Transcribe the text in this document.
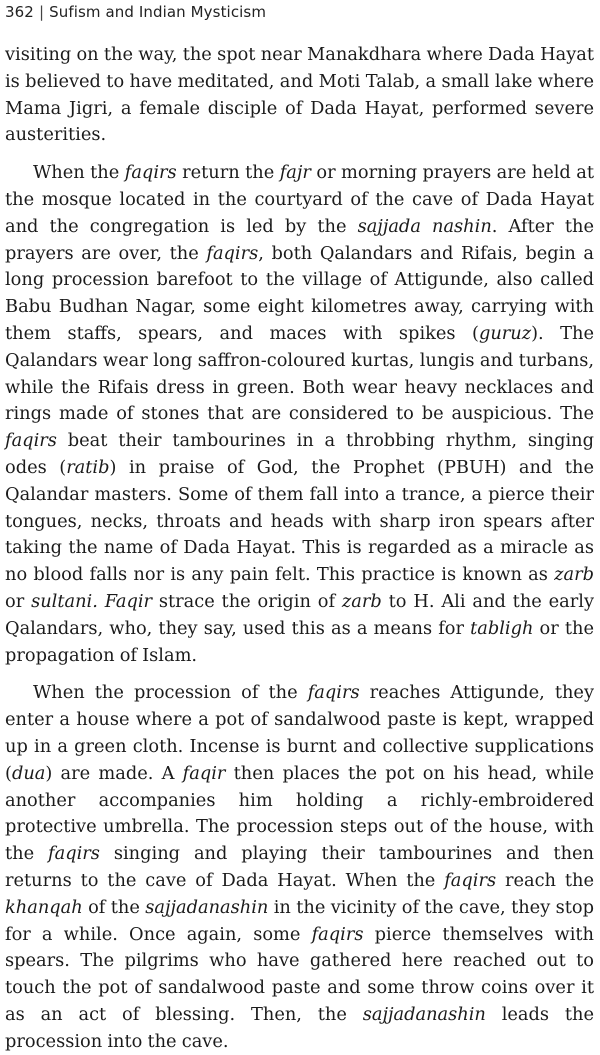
362 | Sufism and Indian Mysticism

visiting on the way, the spot near Manakdhara where Dada Hayat is believed to have meditated, and Moti Talab, a small lake where Mama Jigri, a female disciple of Dada Hayat, performed severe austerities.

When the faqirs return the fajr or morning prayers are held at the mosque located in the courtyard of the cave of Dada Hayat and the congregation is led by the sajjada nashin. After the prayers are over, the faqirs, both Qalandars and Rifais, begin a long procession barefoot to the village of Attigunde, also called Babu Budhan Nagar, some eight kilometres away, carrying with them staffs, spears, and maces with spikes (guruz). The Qalandars wear long saffron-coloured kurtas, lungis and turbans, while the Rifais dress in green. Both wear heavy necklaces and rings made of stones that are considered to be auspicious. The faqirs beat their tambourines in a throbbing rhythm, singing odes (ratib) in praise of God, the Prophet (PBUH) and the Qalandar masters. Some of them fall into a trance, a pierce their tongues, necks, throats and heads with sharp iron spears after taking the name of Dada Hayat. This is regarded as a miracle as no blood falls nor is any pain felt. This practice is known as zarb or sultani. Faqir strace the origin of zarb to H. Ali and the early Qalandars, who, they say, used this as a means for tabligh or the propagation of Islam.

When the procession of the faqirs reaches Attigunde, they enter a house where a pot of sandalwood paste is kept, wrapped up in a green cloth. Incense is burnt and collective supplications (dua) are made. A faqir then places the pot on his head, while another accompanies him holding a richly-embroidered protective umbrella. The procession steps out of the house, with the faqirs singing and playing their tambourines and then returns to the cave of Dada Hayat. When the faqirs reach the khanqah of the sajjadanashin in the vicinity of the cave, they stop for a while. Once again, some faqirs pierce themselves with spears. The pilgrims who have gathered here reached out to touch the pot of sandalwood paste and some throw coins over it as an act of blessing. Then, the sajjadanashin leads the procession into the cave.
